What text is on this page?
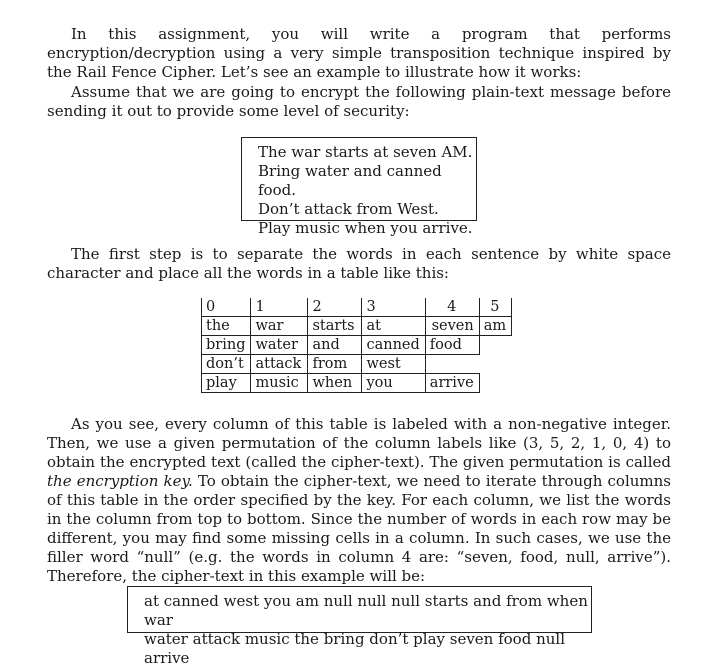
In this assignment, you will write a program that performs encryption/decryption using a very simple transposition technique inspired by the Rail Fence Cipher. Let’s see an example to illustrate how it works:

Assume that we are going to encrypt the following plain-text message before sending it out to provide some level of security:

The war starts at seven AM.
Bring water and canned food.
Don’t attack from West.
Play music when you arrive.

The first step is to separate the words in each sentence by white space character and place all the words in a table like this:

0	1	2	3	4	5
the	war	starts	at	seven	am
bring	water	and	canned	food	
don’t	attack	from	west		
play	music	when	you	arrive	

As you see, every column of this table is labeled with a non-negative integer. Then, we use a given permutation of the column labels like (3, 5, 2, 1, 0, 4) to obtain the encrypted text (called the cipher-text). The given permutation is called the encryption key. To obtain the cipher-text, we need to iterate through columns of this table in the order specified by the key. For each column, we list the words in the column from top to bottom. Since the number of words in each row may be different, you may find some missing cells in a column. In such cases, we use the filler word “null” (e.g. the words in column 4 are: “seven, food, null, arrive”). Therefore, the cipher-text in this example will be:

at canned west you am null null null starts and from when war
water attack music the bring don’t play seven food null arrive
